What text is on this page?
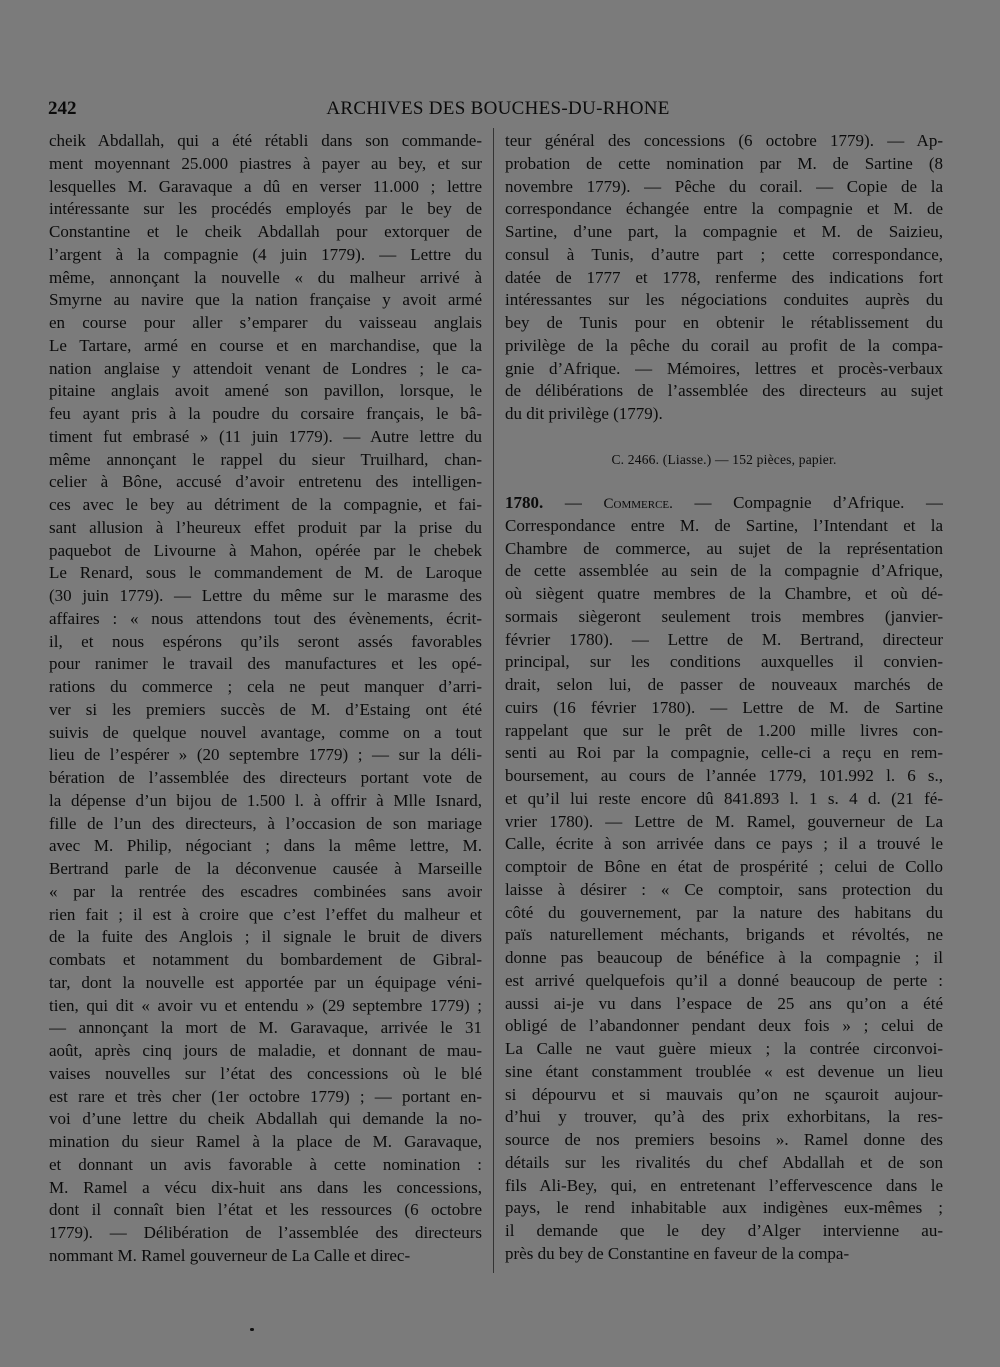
242	ARCHIVES DES BOUCHES-DU-RHONE
cheik Abdallah, qui a été rétabli dans son commande-
ment moyennant 25.000 piastres à payer au bey, et sur
lesquelles M. Garavaque a dû en verser 11.000 ; lettre
intéressante sur les procédés employés par le bey de
Constantine et le cheik Abdallah pour extorquer de
l’argent à la compagnie (4 juin 1779). — Lettre du
même, annonçant la nouvelle « du malheur arrivé à
Smyrne au navire que la nation française y avoit armé
en course pour aller s’emparer du vaisseau anglais
Le Tartare, armé en course et en marchandise, que la
nation anglaise y attendoit venant de Londres ; le ca-
pitaine anglais avoit amené son pavillon, lorsque, le
feu ayant pris à la poudre du corsaire français, le bâ-
timent fut embrasé » (11 juin 1779). — Autre lettre du
même annonçant le rappel du sieur Truilhard, chan-
celier à Bône, accusé d’avoir entretenu des intelligen-
ces avec le bey au détriment de la compagnie, et fai-
sant allusion à l’heureux effet produit par la prise du
paquebot de Livourne à Mahon, opérée par le chebek
Le Renard, sous le commandement de M. de Laroque
(30 juin 1779). — Lettre du même sur le marasme des
affaires : « nous attendons tout des évènements, écrit-
il, et nous espérons qu’ils seront assés favorables
pour ranimer le travail des manufactures et les opé-
rations du commerce ; cela ne peut manquer d’arri-
ver si les premiers succès de M. d’Estaing ont été
suivis de quelque nouvel avantage, comme on a tout
lieu de l’espérer » (20 septembre 1779) ; — sur la déli-
bération de l’assemblée des directeurs portant vote de
la dépense d’un bijou de 1.500 l. à offrir à Mlle Isnard,
fille de l’un des directeurs, à l’occasion de son mariage
avec M. Philip, négociant ; dans la même lettre, M.
Bertrand parle de la déconvenue causée à Marseille
« par la rentrée des escadres combinées sans avoir
rien fait ; il est à croire que c’est l’effet du malheur et
de la fuite des Anglois ; il signale le bruit de divers
combats et notamment du bombardement de Gibral-
tar, dont la nouvelle est apportée par un équipage véni-
tien, qui dit « avoir vu et entendu » (29 septembre 1779) ;
— annonçant la mort de M. Garavaque, arrivée le 31
août, après cinq jours de maladie, et donnant de mau-
vaises nouvelles sur l’état des concessions où le blé
est rare et très cher (1er octobre 1779) ; — portant en-
voi d’une lettre du cheik Abdallah qui demande la no-
mination du sieur Ramel à la place de M. Garavaque,
et donnant un avis favorable à cette nomination :
M. Ramel a vécu dix-huit ans dans les concessions,
dont il connaît bien l’état et les ressources (6 octobre
1779). — Délibération de l’assemblée des directeurs
nommant M. Ramel gouverneur de La Calle et direc-
teur général des concessions (6 octobre 1779). — Ap-
probation de cette nomination par M. de Sartine (8
novembre 1779). — Pêche du corail. — Copie de la
correspondance échangée entre la compagnie et M. de
Sartine, d’une part, la compagnie et M. de Saizieu,
consul à Tunis, d’autre part ; cette correspondance,
datée de 1777 et 1778, renferme des indications fort
intéressantes sur les négociations conduites auprès du
bey de Tunis pour en obtenir le rétablissement du
privilège de la pêche du corail au profit de la compa-
gnie d’Afrique. — Mémoires, lettres et procès-verbaux
de délibérations de l’assemblée des directeurs au sujet
du dit privilège (1779).
C. 2466. (Liasse.) — 152 pièces, papier.
1780. — Commerce. — Compagnie d’Afrique. —
Correspondance entre M. de Sartine, l’Intendant et la
Chambre de commerce, au sujet de la représentation
de cette assemblée au sein de la compagnie d’Afrique,
où siègent quatre membres de la Chambre, et où dé-
sormais siègeront seulement trois membres (janvier-
février 1780). — Lettre de M. Bertrand, directeur
principal, sur les conditions auxquelles il convien-
drait, selon lui, de passer de nouveaux marchés de
cuirs (16 février 1780). — Lettre de M. de Sartine
rappelant que sur le prêt de 1.200 mille livres con-
senti au Roi par la compagnie, celle-ci a reçu en rem-
boursement, au cours de l’année 1779, 101.992 l. 6 s.,
et qu’il lui reste encore dû 841.893 l. 1 s. 4 d. (21 fé-
vrier 1780). — Lettre de M. Ramel, gouverneur de La
Calle, écrite à son arrivée dans ce pays ; il a trouvé le
comptoir de Bône en état de prospérité ; celui de Collo
laisse à désirer : « Ce comptoir, sans protection du
côté du gouvernement, par la nature des habitans du
païs naturellement méchants, brigands et révoltés, ne
donne pas beaucoup de bénéfice à la compagnie ; il
est arrivé quelquefois qu’il a donné beaucoup de perte :
aussi ai-je vu dans l’espace de 25 ans qu’on a été
obligé de l’abandonner pendant deux fois » ; celui de
La Calle ne vaut guère mieux ; la contrée circonvoi-
sine étant constamment troublée « est devenue un lieu
si dépourvu et si mauvais qu’on ne sçauroit aujour-
d’hui y trouver, qu’à des prix exhorbitans, la res-
source de nos premiers besoins ». Ramel donne des
détails sur les rivalités du chef Abdallah et de son
fils Ali-Bey, qui, en entretenant l’effervescence dans le
pays, le rend inhabitable aux indigènes eux-mêmes ;
il demande que le dey d’Alger intervienne au-
près du bey de Constantine en faveur de la compa-
